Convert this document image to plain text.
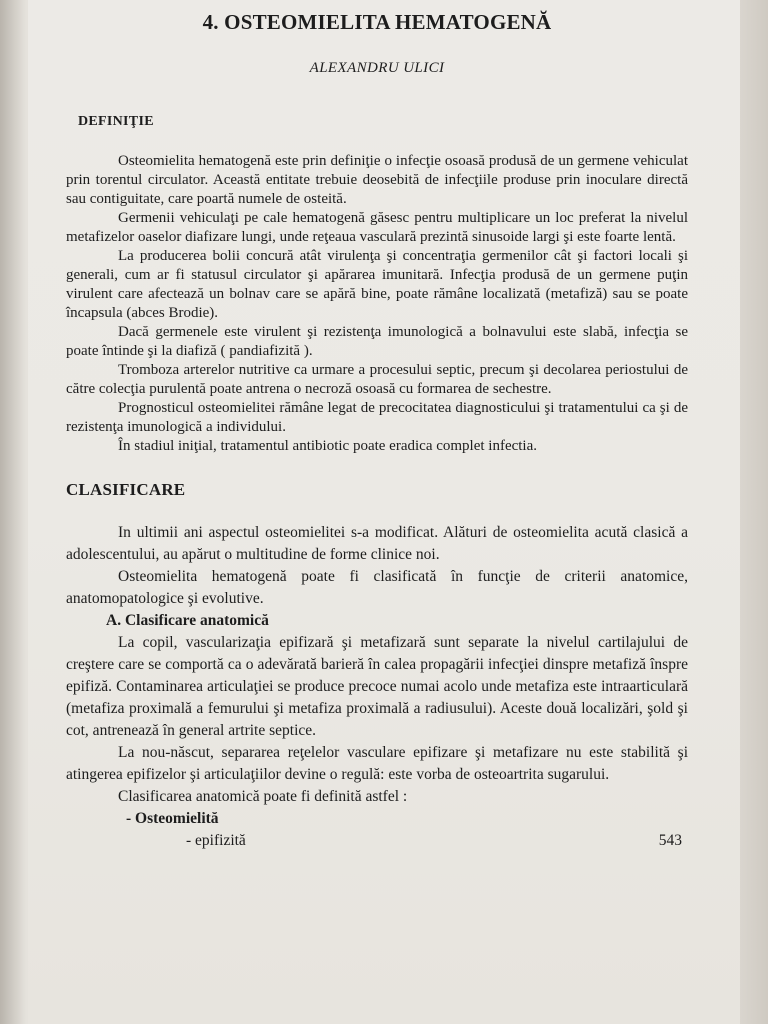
4. OSTEOMIELITA HEMATOGENĂ
ALEXANDRU ULICI
DEFINIŢIE

Osteomielita hematogenă este prin definiţie o infecţie osoasă produsă de un germene vehiculat prin torentul circulator. Această entitate trebuie deosebită de infecţiile produse prin inoculare directă sau contiguitate, care poartă numele de osteită.

Germenii vehiculaţi pe cale hematogenă găsesc pentru multiplicare un loc preferat la nivelul metafizelor oaselor diafizare lungi, unde reţeaua vasculară prezintă sinusoide largi şi este foarte lentă.

La producerea bolii concură atât virulenţa şi concentraţia germenilor cât şi factori locali şi generali, cum ar fi statusul circulator şi apărarea imunitară. Infecţia produsă de un germene puţin virulent care afectează un bolnav care se apără bine, poate rămâne localizată (metafiză) sau se poate încapsula (abces Brodie).

Dacă germenele este virulent şi rezistenţa imunologică a bolnavului este slabă, infecţia se poate întinde şi la diafiză ( pandiafizită ).

Tromboza arterelor nutritive ca urmare a procesului septic, precum şi decolarea periostului de către colecţia purulentă poate antrena o necroză osoasă cu formarea de sechestre.

Prognosticul osteomielitei rămâne legat de precocitatea diagnosticului şi tratamentului ca şi de rezistenţa imunologică a individului.

În stadiul iniţial, tratamentul antibiotic poate eradica complet infectia.

CLASIFICARE

In ultimii ani aspectul osteomielitei s-a modificat. Alături de osteomielita acută clasică a adolescentului, au apărut o multitudine de forme clinice noi.

Osteomielita hematogenă poate fi clasificată în funcţie de criterii anatomice, anatomopatologice şi evolutive.

A. Clasificare anatomică

La copil, vascularizaţia epifizară şi metafizară sunt separate la nivelul cartilajului de creştere care se comportă ca o adevărată barieră în calea propagării infecţiei dinspre metafiză înspre epifiză. Contaminarea articulaţiei se produce precoce numai acolo unde metafiza este intraarticulară (metafiza proximală a femurului şi metafiza proximală a radiusului). Aceste două localizări, şold şi cot, antrenează în general artrite septice.

La nou-născut, separarea reţelelor vasculare epifizare şi metafizare nu este stabilită şi atingerea epifizelor şi articulaţiilor devine o regulă: este vorba de osteoartrita sugarului.

Clasificarea anatomică poate fi definită astfel :

- Osteomielită
- epifizită	543
